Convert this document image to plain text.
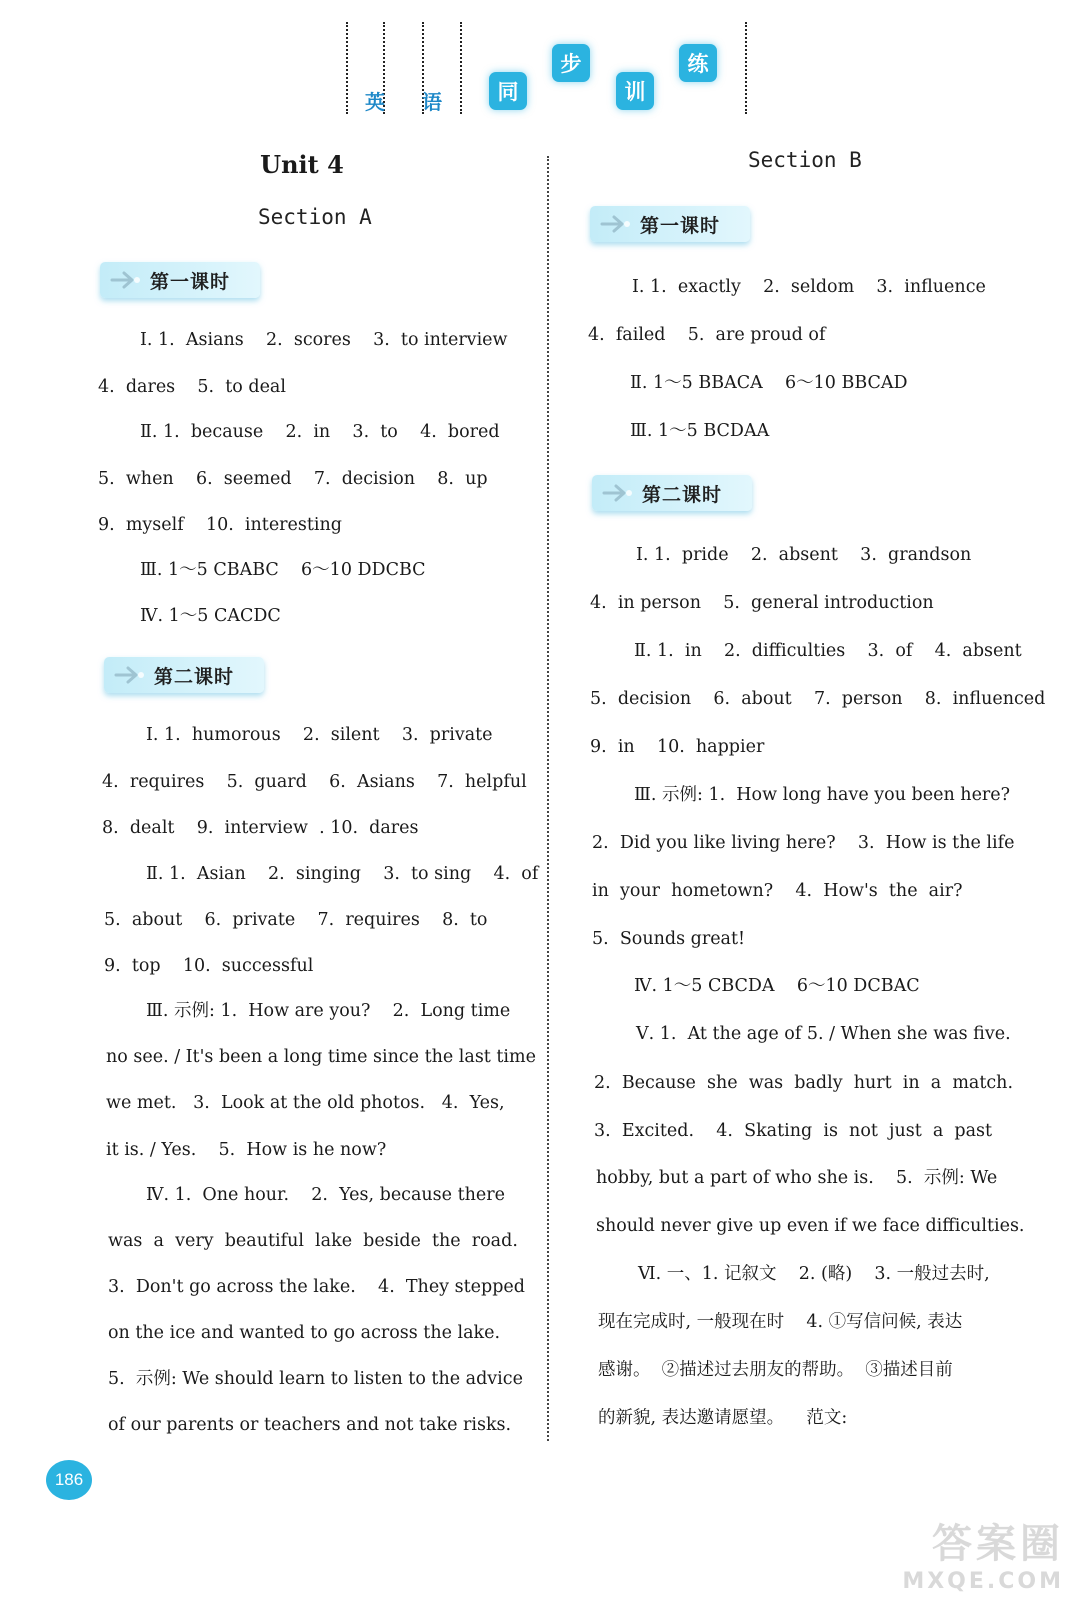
英 语	同
步
训
练
Unit 4
Section A
第一课时
Ⅰ. 1.  Asians    2.  scores    3.  to interview
4.  dares    5.  to deal
Ⅱ. 1.  because    2.  in    3.  to    4.  bored
5.  when    6.  seemed    7.  decision    8.  up
9.  myself    10.  interesting
Ⅲ. 1～5 CBABC    6～10 DDCBC
Ⅳ. 1～5 CACDC
第二课时
Ⅰ. 1.  humorous    2.  silent    3.  private
4.  requires    5.  guard    6.  Asians    7.  helpful
8.  dealt    9.  interview  . 10.  dares
Ⅱ. 1.  Asian    2.  singing    3.  to sing    4.  of
5.  about    6.  private    7.  requires    8.  to
9.  top    10.  successful
Ⅲ. 示例: 1.  How are you?    2.  Long time
no see. / It's been a long time since the last time
we met.   3.  Look at the old photos.   4.  Yes,
it is. / Yes.    5.  How is he now?
Ⅳ. 1.  One hour.    2.  Yes, because there
was  a  very  beautiful  lake  beside  the  road.
3.  Don't go across the lake.    4.  They stepped
on the ice and wanted to go across the lake.
5.  示例: We should learn to listen to the advice
of our parents or teachers and not take risks.
Section B
第一课时
Ⅰ. 1.  exactly    2.  seldom    3.  influence
4.  failed    5.  are proud of
Ⅱ. 1～5 BBACA    6～10 BBCAD
Ⅲ. 1～5 BCDAA
第二课时
Ⅰ. 1.  pride    2.  absent    3.  grandson
4.  in person    5.  general introduction
Ⅱ. 1.  in    2.  difficulties    3.  of    4.  absent
5.  decision    6.  about    7.  person    8.  influenced
9.  in    10.  happier
Ⅲ. 示例: 1.  How long have you been here?
2.  Did you like living here?    3.  How is the life
in  your  hometown?    4.  How's  the  air?
5.  Sounds great!
Ⅳ. 1～5 CBCDA    6～10 DCBAC
Ⅴ. 1.  At the age of 5. / When she was five.
2.  Because  she  was  badly  hurt  in  a  match.
3.  Excited.    4.  Skating  is  not  just  a  past
hobby, but a part of who she is.    5.  示例: We
should never give up even if we face difficulties.
Ⅵ. 一、1. 记叙文    2. (略)    3. 一般过去时,
现在完成时, 一般现在时    4. ①写信问候, 表达
感谢。  ②描述过去朋友的帮助。  ③描述目前
的新貌, 表达邀请愿望。    范文:
186
答案圈
MXQE.COM
